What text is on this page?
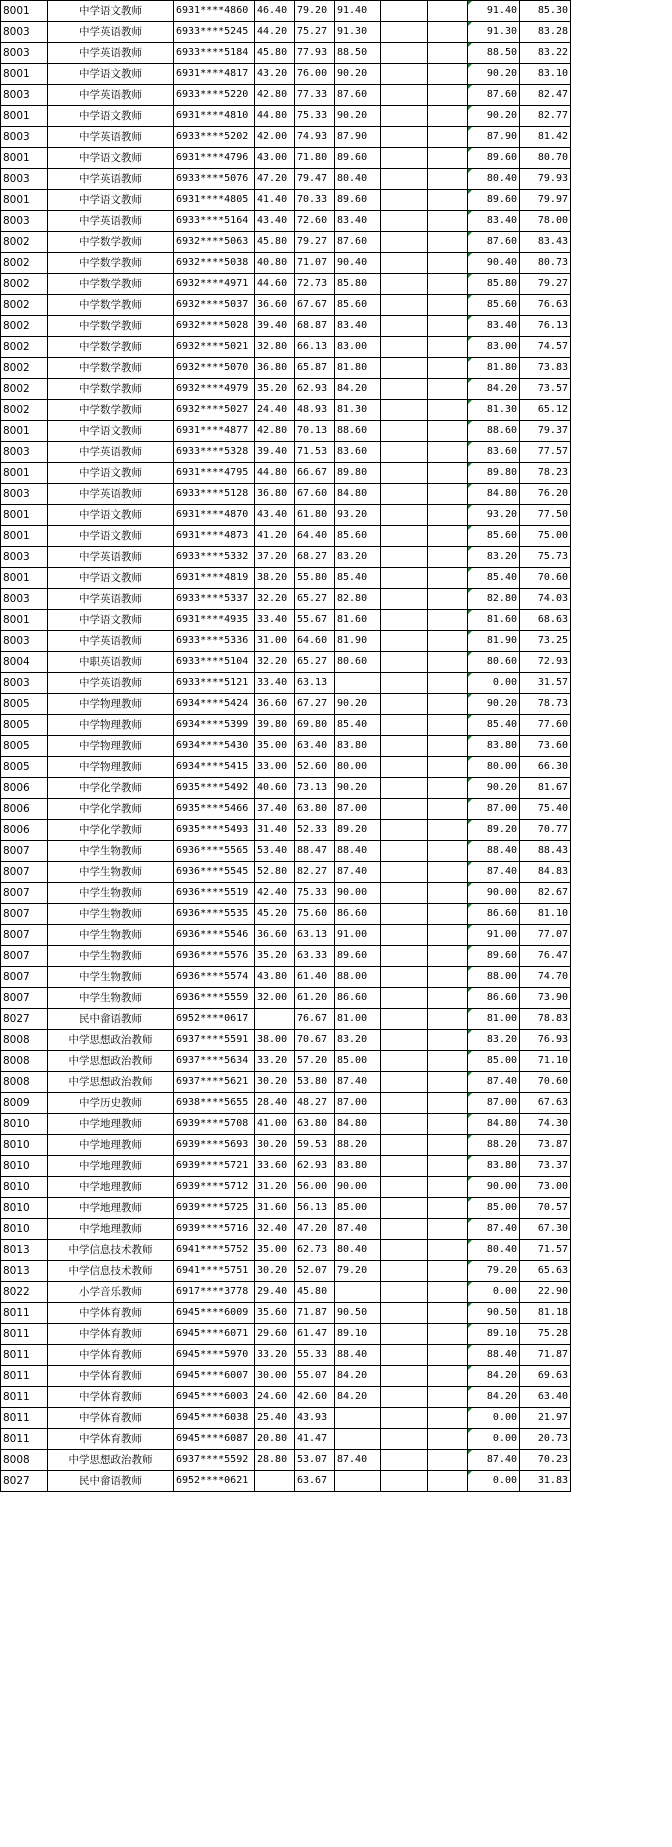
8001	中学语文教师	6931****4860	46.40	79.20	91.40			91.40	85.30
8003	中学英语教师	6933****5245	44.20	75.27	91.30			91.30	83.28
8003	中学英语教师	6933****5184	45.80	77.93	88.50			88.50	83.22
8001	中学语文教师	6931****4817	43.20	76.00	90.20			90.20	83.10
8003	中学英语教师	6933****5220	42.80	77.33	87.60			87.60	82.47
8001	中学语文教师	6931****4810	44.80	75.33	90.20			90.20	82.77
8003	中学英语教师	6933****5202	42.00	74.93	87.90			87.90	81.42
8001	中学语文教师	6931****4796	43.00	71.80	89.60			89.60	80.70
8003	中学英语教师	6933****5076	47.20	79.47	80.40			80.40	79.93
8001	中学语文教师	6931****4805	41.40	70.33	89.60			89.60	79.97
8003	中学英语教师	6933****5164	43.40	72.60	83.40			83.40	78.00
8002	中学数学教师	6932****5063	45.80	79.27	87.60			87.60	83.43
8002	中学数学教师	6932****5038	40.80	71.07	90.40			90.40	80.73
8002	中学数学教师	6932****4971	44.60	72.73	85.80			85.80	79.27
8002	中学数学教师	6932****5037	36.60	67.67	85.60			85.60	76.63
8002	中学数学教师	6932****5028	39.40	68.87	83.40			83.40	76.13
8002	中学数学教师	6932****5021	32.80	66.13	83.00			83.00	74.57
8002	中学数学教师	6932****5070	36.80	65.87	81.80			81.80	73.83
8002	中学数学教师	6932****4979	35.20	62.93	84.20			84.20	73.57
8002	中学数学教师	6932****5027	24.40	48.93	81.30			81.30	65.12
8001	中学语文教师	6931****4877	42.80	70.13	88.60			88.60	79.37
8003	中学英语教师	6933****5328	39.40	71.53	83.60			83.60	77.57
8001	中学语文教师	6931****4795	44.80	66.67	89.80			89.80	78.23
8003	中学英语教师	6933****5128	36.80	67.60	84.80			84.80	76.20
8001	中学语文教师	6931****4870	43.40	61.80	93.20			93.20	77.50
8001	中学语文教师	6931****4873	41.20	64.40	85.60			85.60	75.00
8003	中学英语教师	6933****5332	37.20	68.27	83.20			83.20	75.73
8001	中学语文教师	6931****4819	38.20	55.80	85.40			85.40	70.60
8003	中学英语教师	6933****5337	32.20	65.27	82.80			82.80	74.03
8001	中学语文教师	6931****4935	33.40	55.67	81.60			81.60	68.63
8003	中学英语教师	6933****5336	31.00	64.60	81.90			81.90	73.25
8004	中职英语教师	6933****5104	32.20	65.27	80.60			80.60	72.93
8003	中学英语教师	6933****5121	33.40	63.13				0.00	31.57
8005	中学物理教师	6934****5424	36.60	67.27	90.20			90.20	78.73
8005	中学物理教师	6934****5399	39.80	69.80	85.40			85.40	77.60
8005	中学物理教师	6934****5430	35.00	63.40	83.80			83.80	73.60
8005	中学物理教师	6934****5415	33.00	52.60	80.00			80.00	66.30
8006	中学化学教师	6935****5492	40.60	73.13	90.20			90.20	81.67
8006	中学化学教师	6935****5466	37.40	63.80	87.00			87.00	75.40
8006	中学化学教师	6935****5493	31.40	52.33	89.20			89.20	70.77
8007	中学生物教师	6936****5565	53.40	88.47	88.40			88.40	88.43
8007	中学生物教师	6936****5545	52.80	82.27	87.40			87.40	84.83
8007	中学生物教师	6936****5519	42.40	75.33	90.00			90.00	82.67
8007	中学生物教师	6936****5535	45.20	75.60	86.60			86.60	81.10
8007	中学生物教师	6936****5546	36.60	63.13	91.00			91.00	77.07
8007	中学生物教师	6936****5576	35.20	63.33	89.60			89.60	76.47
8007	中学生物教师	6936****5574	43.80	61.40	88.00			88.00	74.70
8007	中学生物教师	6936****5559	32.00	61.20	86.60			86.60	73.90
8027	民中畲语教师	6952****0617		76.67	81.00			81.00	78.83
8008	中学思想政治教师	6937****5591	38.00	70.67	83.20			83.20	76.93
8008	中学思想政治教师	6937****5634	33.20	57.20	85.00			85.00	71.10
8008	中学思想政治教师	6937****5621	30.20	53.80	87.40			87.40	70.60
8009	中学历史教师	6938****5655	28.40	48.27	87.00			87.00	67.63
8010	中学地理教师	6939****5708	41.00	63.80	84.80			84.80	74.30
8010	中学地理教师	6939****5693	30.20	59.53	88.20			88.20	73.87
8010	中学地理教师	6939****5721	33.60	62.93	83.80			83.80	73.37
8010	中学地理教师	6939****5712	31.20	56.00	90.00			90.00	73.00
8010	中学地理教师	6939****5725	31.60	56.13	85.00			85.00	70.57
8010	中学地理教师	6939****5716	32.40	47.20	87.40			87.40	67.30
8013	中学信息技术教师	6941****5752	35.00	62.73	80.40			80.40	71.57
8013	中学信息技术教师	6941****5751	30.20	52.07	79.20			79.20	65.63
8022	小学音乐教师	6917****3778	29.40	45.80				0.00	22.90
8011	中学体育教师	6945****6009	35.60	71.87	90.50			90.50	81.18
8011	中学体育教师	6945****6071	29.60	61.47	89.10			89.10	75.28
8011	中学体育教师	6945****5970	33.20	55.33	88.40			88.40	71.87
8011	中学体育教师	6945****6007	30.00	55.07	84.20			84.20	69.63
8011	中学体育教师	6945****6003	24.60	42.60	84.20			84.20	63.40
8011	中学体育教师	6945****6038	25.40	43.93				0.00	21.97
8011	中学体育教师	6945****6087	20.80	41.47				0.00	20.73
8008	中学思想政治教师	6937****5592	28.80	53.07	87.40			87.40	70.23
8027	民中畲语教师	6952****0621		63.67				0.00	31.83
